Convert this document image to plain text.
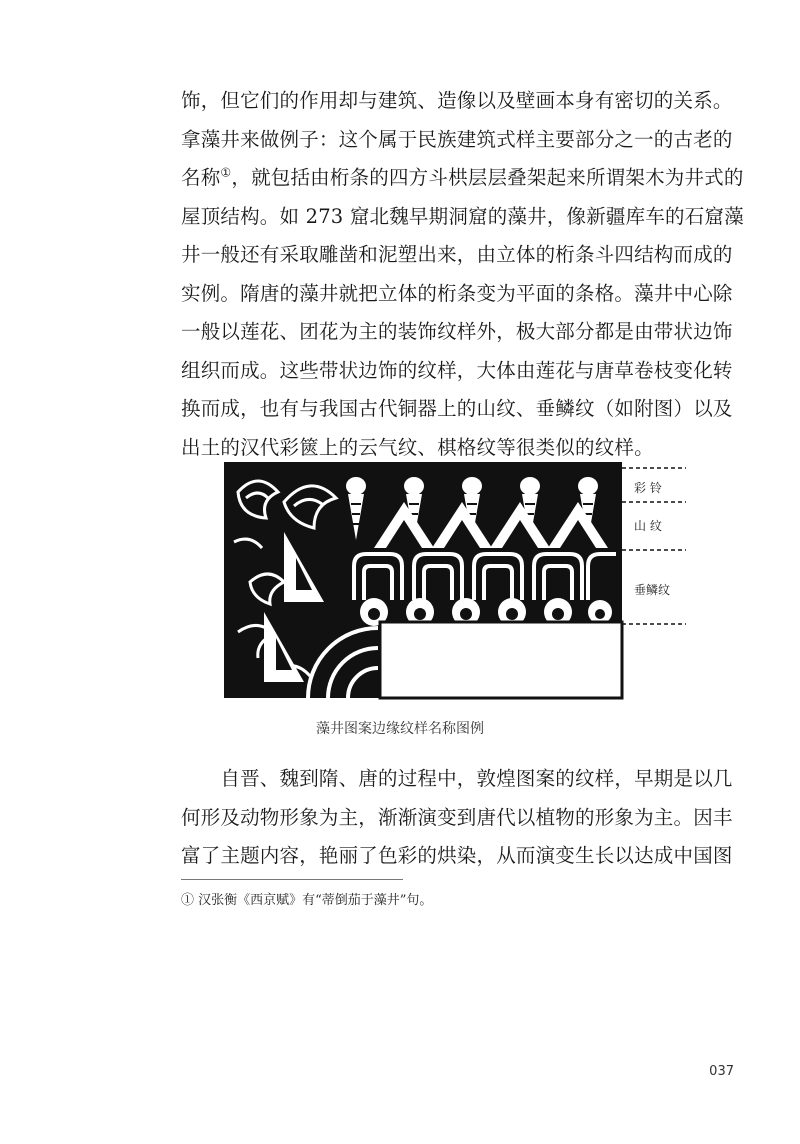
饰，但它们的作用却与建筑、造像以及壁画本身有密切的关系。
拿藻井来做例子：这个属于民族建筑式样主要部分之一的古老的
名称①，就包括由桁条的四方斗栱层层叠架起来所谓架木为井式的
屋顶结构。如 273 窟北魏早期洞窟的藻井，像新疆库车的石窟藻
井一般还有采取雕凿和泥塑出来，由立体的桁条斗四结构而成的
实例。隋唐的藻井就把立体的桁条变为平面的条格。藻井中心除
一般以莲花、团花为主的装饰纹样外，极大部分都是由带状边饰
组织而成。这些带状边饰的纹样，大体由莲花与唐草卷枝变化转
换而成，也有与我国古代铜器上的山纹、垂鳞纹（如附图）以及
出土的汉代彩篋上的云气纹、棋格纹等很类似的纹样。
彩 铃
山 纹
垂鳞纹
藻井图案边缘纹样名称图例
　　自晋、魏到隋、唐的过程中，敦煌图案的纹样，早期是以几
何形及动物形象为主，渐渐演变到唐代以植物的形象为主。因丰
富了主题内容，艳丽了色彩的烘染，从而演变生长以达成中国图
① 汉张衡《西京赋》有“蒂倒茄于藻井”句。
037
